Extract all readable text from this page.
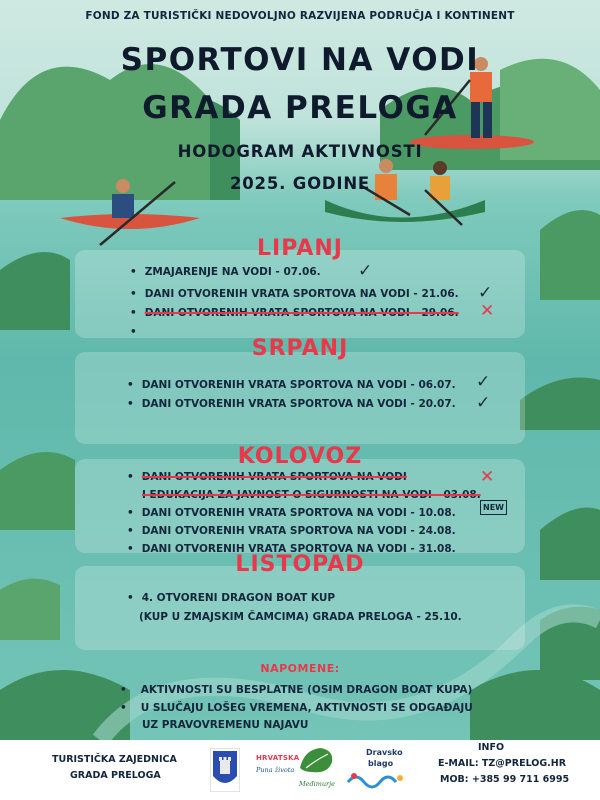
FOND ZA TURISTIČKI NEDOVOLJNO RAZVIJENA PODRUČJA I KONTINENT
SPORTOVI NA VODI
GRADA PRELOGA
HODOGRAM AKTIVNOSTI
2025. GODINE
LIPANJ
• ZMAJARENJE NA VODI - 07.06. ✓
• DANI OTVORENIH VRATA SPORTOVA NA VODI - 21.06. ✓
• DANI OTVORENIH VRATA SPORTOVA NA VODI - 29.06. ✕
•
SRPANJ
• DANI OTVORENIH VRATA SPORTOVA NA VODI - 06.07. ✓
• DANI OTVORENIH VRATA SPORTOVA NA VODI - 20.07. ✓
KOLOVOZ
• DANI OTVORENIH VRATA SPORTOVA NA VODI	✕
I EDUKACIJA ZA JAVNOST O SIGURNOSTI NA VODI - 03.08.
NEW
• DANI OTVORENIH VRATA SPORTOVA NA VODI - 10.08.
• DANI OTVORENIH VRATA SPORTOVA NA VODI - 24.08.
• DANI OTVORENIH VRATA SPORTOVA NA VODI - 31.08.
LISTOPAD
• 4. OTVORENI DRAGON BOAT KUP
(KUP U ZMAJSKIM ČAMCIMA) GRADA PRELOGA - 25.10.
NAPOMENE:
• AKTIVNOSTI SU BESPLATNE (OSIM DRAGON BOAT KUPA)
• U SLUČAJU LOŠEG VREMENA, AKTIVNOSTI SE ODGAĐAJU
UZ PRAVOVREMENU NAJAVU
TURISTIČKA ZAJEDNICA
GRADA PRELOGA
HRVATSKA
Puna života
Međimurje
Dravsko
blago
INFO
E-MAIL: TZ@PRELOG.HR
MOB: +385 99 711 6995
